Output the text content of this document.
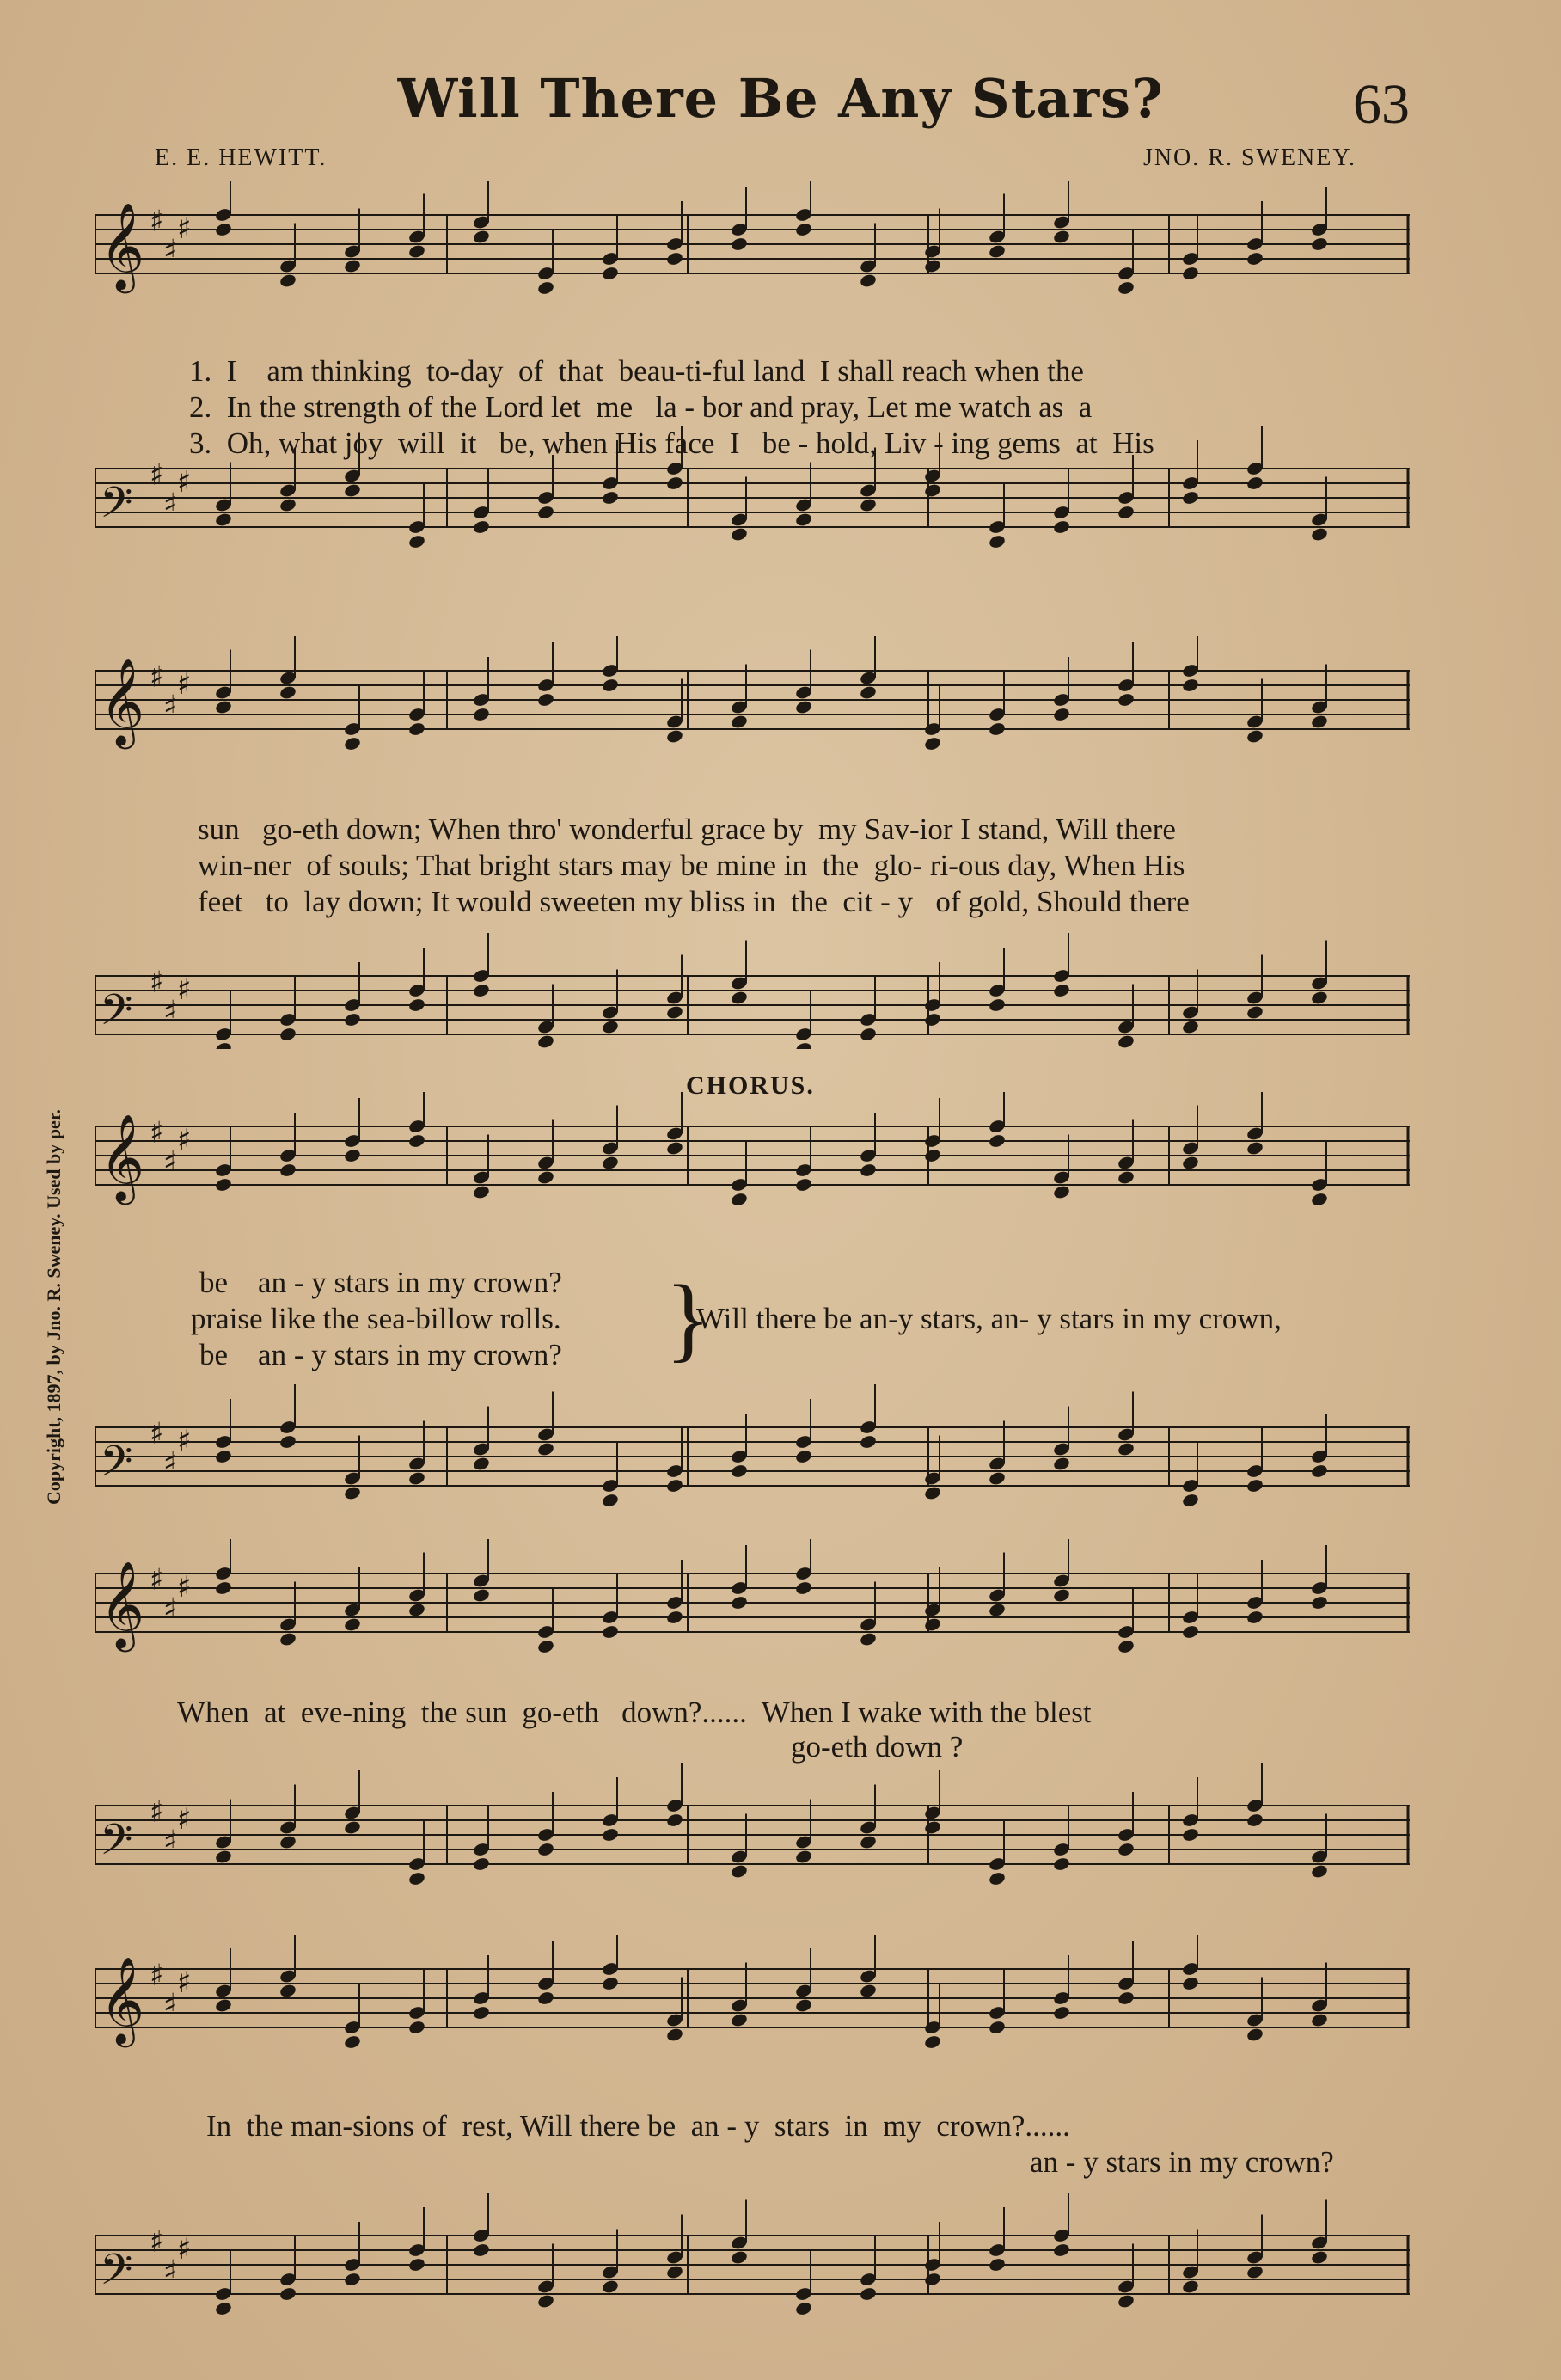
Will There Be Any Stars?	63
E. E. HEWITT.	JNO. R. SWENEY.
𝄞 ♯
♯
♯
𝄢
♯
♯
♯
1.  I    am thinking  to-day  of  that  beau-ti-ful land  I shall reach when the
2.  In the strength of the Lord let  me   la - bor and pray, Let me watch as  a
3.  Oh, what joy  will  it   be, when His face  I   be - hold, Liv - ing gems  at  His
𝄞 ♯
♯
♯
𝄢
♯
♯
♯
sun   go-eth down; When thro' wonderful grace by  my Sav-ior I stand, Will there
win-ner  of souls; That bright stars may be mine in  the  glo- ri-ous day, When His
feet   to  lay down; It would sweeten my bliss in  the  cit - y   of gold, Should there
CHORUS.
𝄞 ♯
♯
♯
𝄢
♯
♯
♯
be    an - y stars in my crown?
praise like the sea-billow rolls.
be    an - y stars in my crown? }
Will there be an-y stars, an- y stars in my crown,
𝄞 ♯
♯
♯
𝄢
♯
♯
♯
When  at  eve-ning  the sun  go-eth   down?......  When I wake with the blest
go-eth down ?
𝄞 ♯
♯
♯
𝄢
♯
♯
♯
In  the man-sions of  rest, Will there be  an - y  stars  in  my  crown?......
an - y stars in my crown?
Copyright, 1897, by Jno. R. Sweney. Used by per.
